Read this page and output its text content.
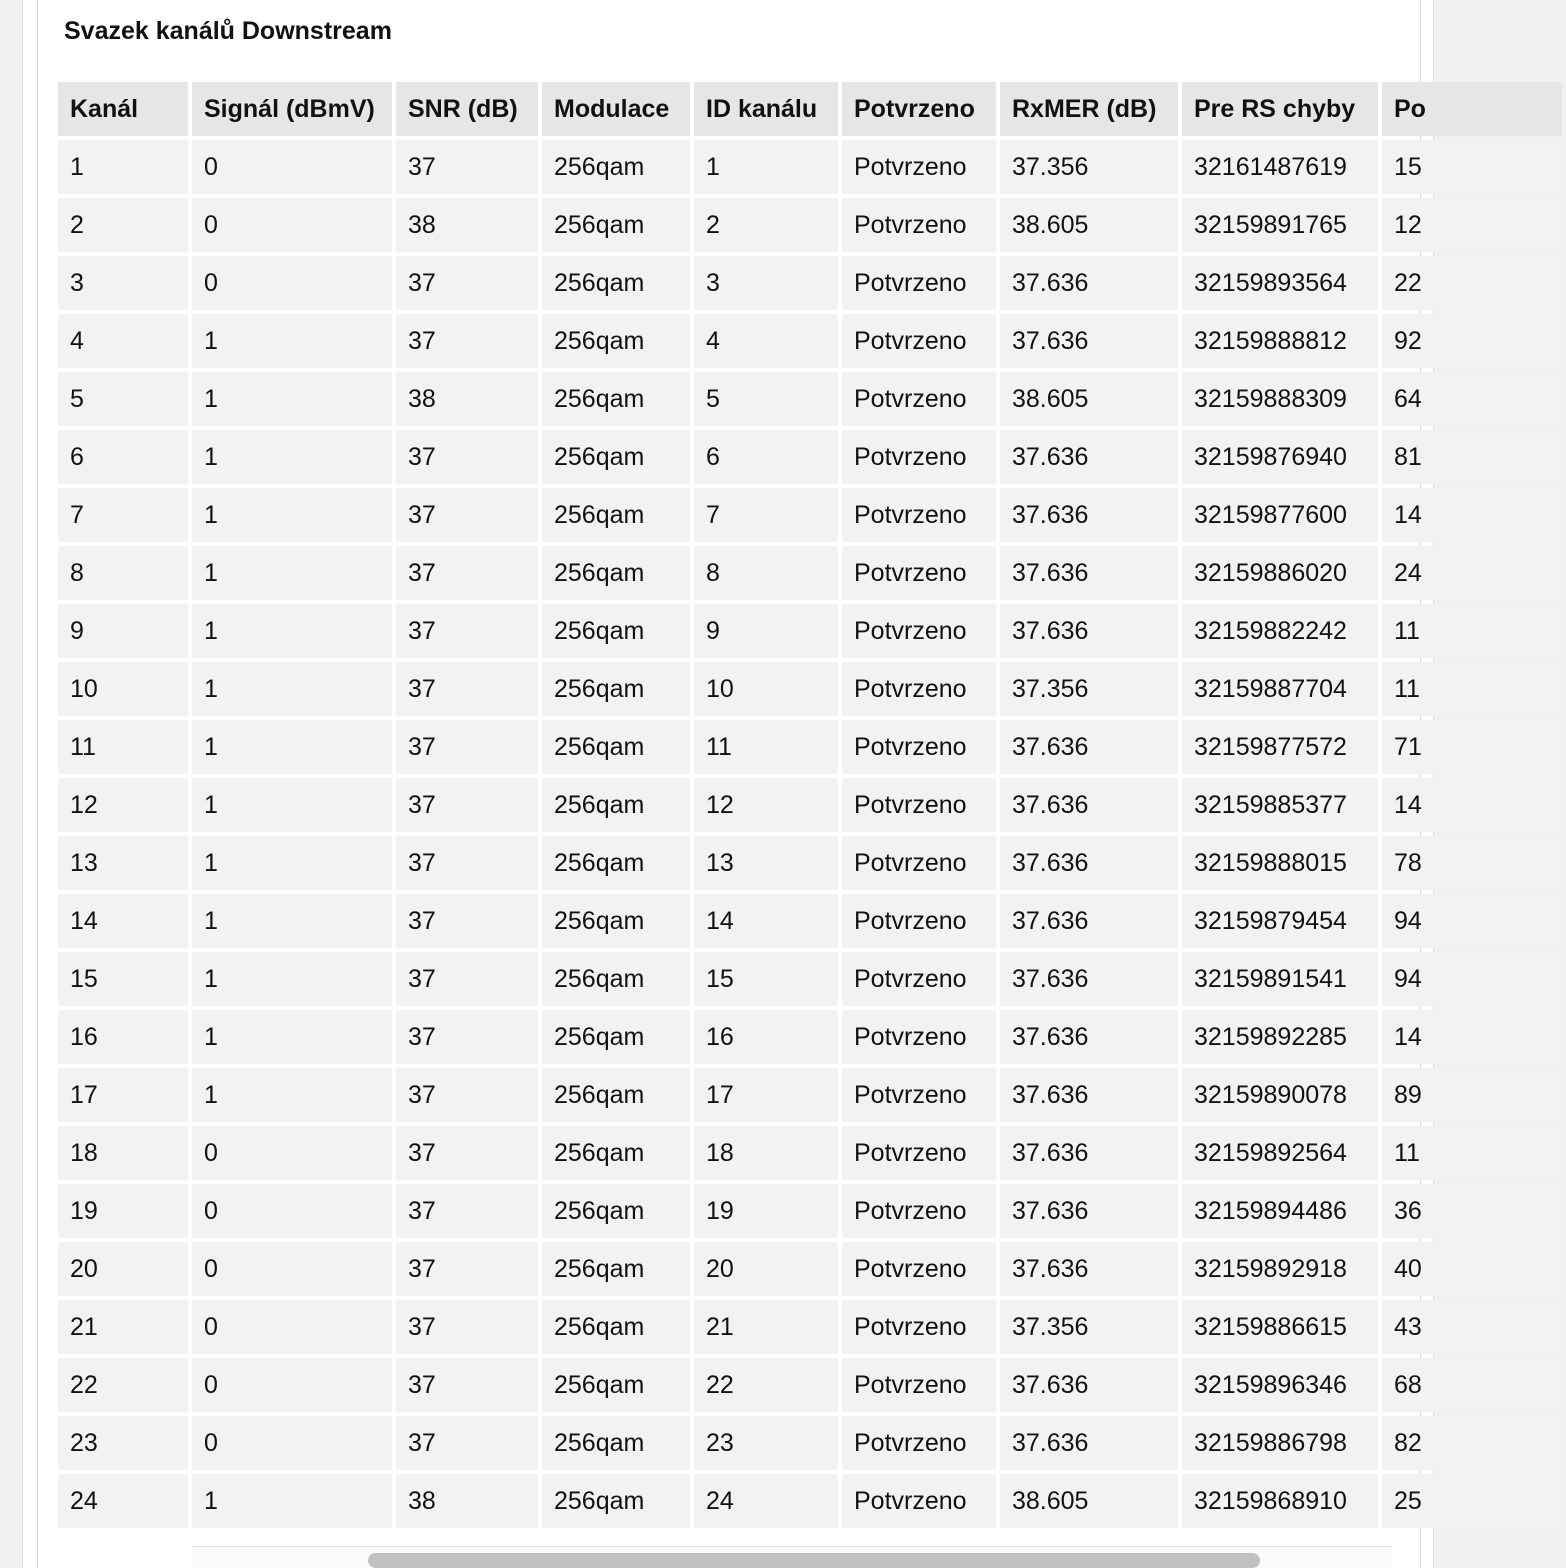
Svazek kanálů Downstream
Kanál	Signál (dBmV)	SNR (dB)	Modulace	ID kanálu	Potvrzeno	RxMER (dB)	Pre RS chyby	Po
1	0	37	256qam	1	Potvrzeno	37.356	32161487619	15
2	0	38	256qam	2	Potvrzeno	38.605	32159891765	12
3	0	37	256qam	3	Potvrzeno	37.636	32159893564	22
4	1	37	256qam	4	Potvrzeno	37.636	32159888812	92
5	1	38	256qam	5	Potvrzeno	38.605	32159888309	64
6	1	37	256qam	6	Potvrzeno	37.636	32159876940	81
7	1	37	256qam	7	Potvrzeno	37.636	32159877600	14
8	1	37	256qam	8	Potvrzeno	37.636	32159886020	24
9	1	37	256qam	9	Potvrzeno	37.636	32159882242	11
10	1	37	256qam	10	Potvrzeno	37.356	32159887704	11
11	1	37	256qam	11	Potvrzeno	37.636	32159877572	71
12	1	37	256qam	12	Potvrzeno	37.636	32159885377	14
13	1	37	256qam	13	Potvrzeno	37.636	32159888015	78
14	1	37	256qam	14	Potvrzeno	37.636	32159879454	94
15	1	37	256qam	15	Potvrzeno	37.636	32159891541	94
16	1	37	256qam	16	Potvrzeno	37.636	32159892285	14
17	1	37	256qam	17	Potvrzeno	37.636	32159890078	89
18	0	37	256qam	18	Potvrzeno	37.636	32159892564	11
19	0	37	256qam	19	Potvrzeno	37.636	32159894486	36
20	0	37	256qam	20	Potvrzeno	37.636	32159892918	40
21	0	37	256qam	21	Potvrzeno	37.356	32159886615	43
22	0	37	256qam	22	Potvrzeno	37.636	32159896346	68
23	0	37	256qam	23	Potvrzeno	37.636	32159886798	82
24	1	38	256qam	24	Potvrzeno	38.605	32159868910	25
